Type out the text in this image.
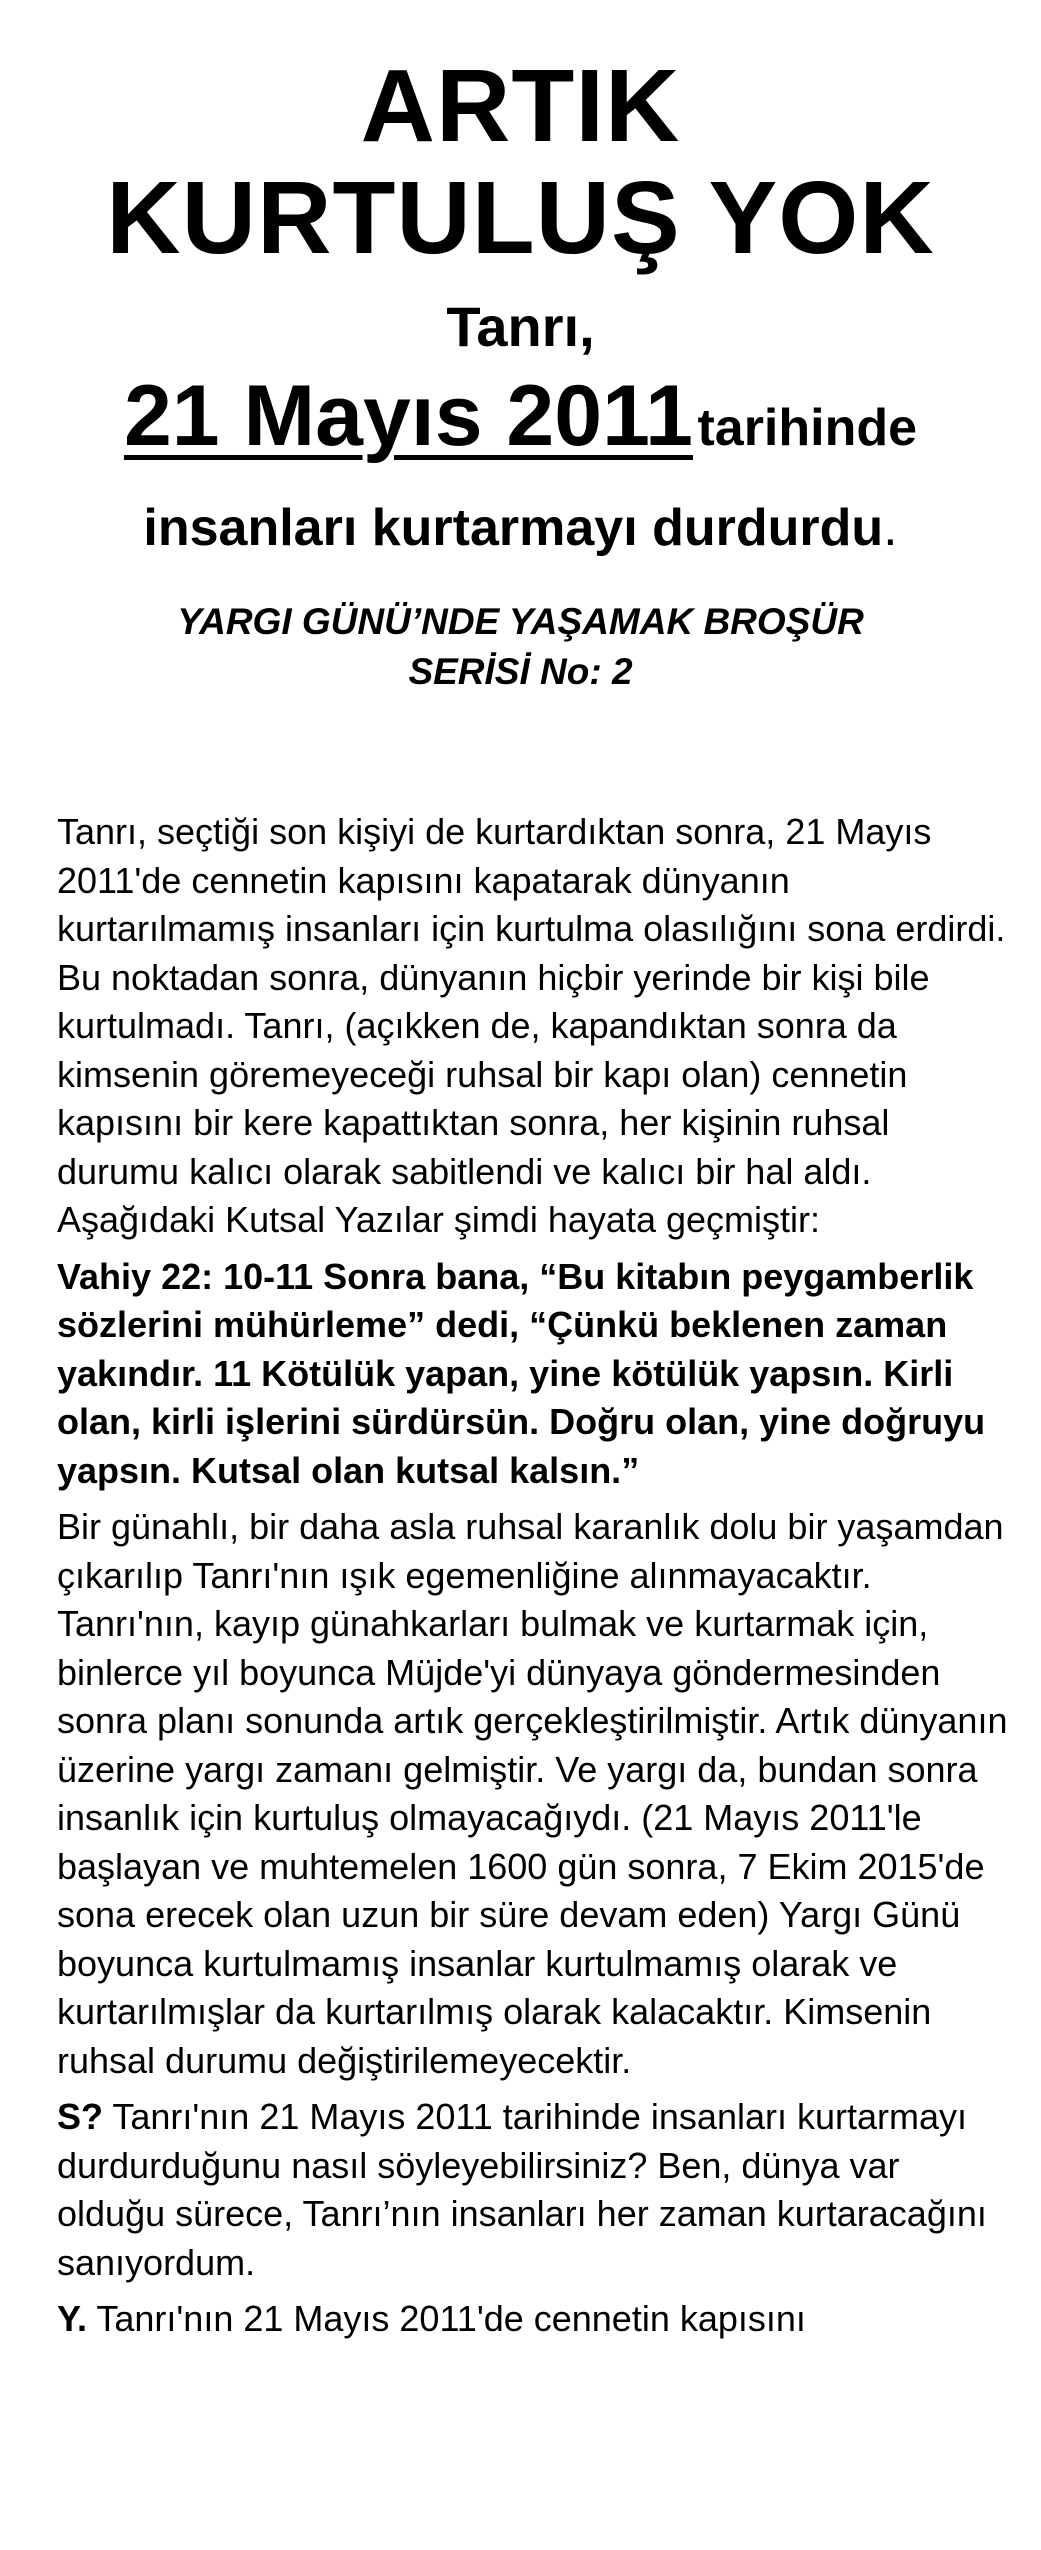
ARTIK
KURTULUŞ YOK

Tanrı,

21 Mayıs 2011 tarihinde

insanları kurtarmayı durdurdu.

YARGI GÜNÜ’NDE YAŞAMAK BROŞÜR
SERİSİ No: 2

Tanrı, seçtiği son kişiyi de kurtardıktan sonra, 21 Mayıs 2011'de cennetin kapısını kapatarak dünyanın kurtarılmamış insanları için kurtulma olasılığını sona erdirdi. Bu noktadan sonra, dünyanın hiçbir yerinde bir kişi bile kurtulmadı. Tanrı, (açıkken de, kapandıktan sonra da kimsenin göremeyeceği ruhsal bir kapı olan) cennetin kapısını bir kere kapattıktan sonra, her kişinin ruhsal durumu kalıcı olarak sabitlendi ve kalıcı bir hal aldı. Aşağıdaki Kutsal Yazılar şimdi hayata geçmiştir:

Vahiy 22: 10-11 Sonra bana, “Bu kitabın peygamberlik sözlerini mühürleme” dedi, “Çünkü beklenen zaman yakındır. 11 Kötülük yapan, yine kötülük yapsın. Kirli olan, kirli işlerini sürdürsün. Doğru olan, yine doğruyu yapsın. Kutsal olan kutsal kalsın.”

Bir günahlı, bir daha asla ruhsal karanlık dolu bir yaşamdan çıkarılıp Tanrı'nın ışık egemenliğine alınmayacaktır. Tanrı'nın, kayıp günahkarları bulmak ve kurtarmak için, binlerce yıl boyunca Müjde'yi dünyaya göndermesinden sonra planı sonunda artık gerçekleştirilmiştir. Artık dünyanın üzerine yargı zamanı gelmiştir. Ve yargı da, bundan sonra insanlık için kurtuluş olmayacağıydı. (21 Mayıs 2011'le başlayan ve muhtemelen 1600 gün sonra, 7 Ekim 2015'de sona erecek olan uzun bir süre devam eden) Yargı Günü boyunca kurtulmamış insanlar kurtulmamış olarak ve kurtarılmışlar da kurtarılmış olarak kalacaktır. Kimsenin ruhsal durumu değiştirilemeyecektir.

S? Tanrı'nın 21 Mayıs 2011 tarihinde insanları kurtarmayı durdurduğunu nasıl söyleyebilirsiniz? Ben, dünya var olduğu sürece, Tanrı’nın insanları her zaman kurtaracağını sanıyordum.

Y. Tanrı'nın 21 Mayıs 2011'de cennetin kapısını
